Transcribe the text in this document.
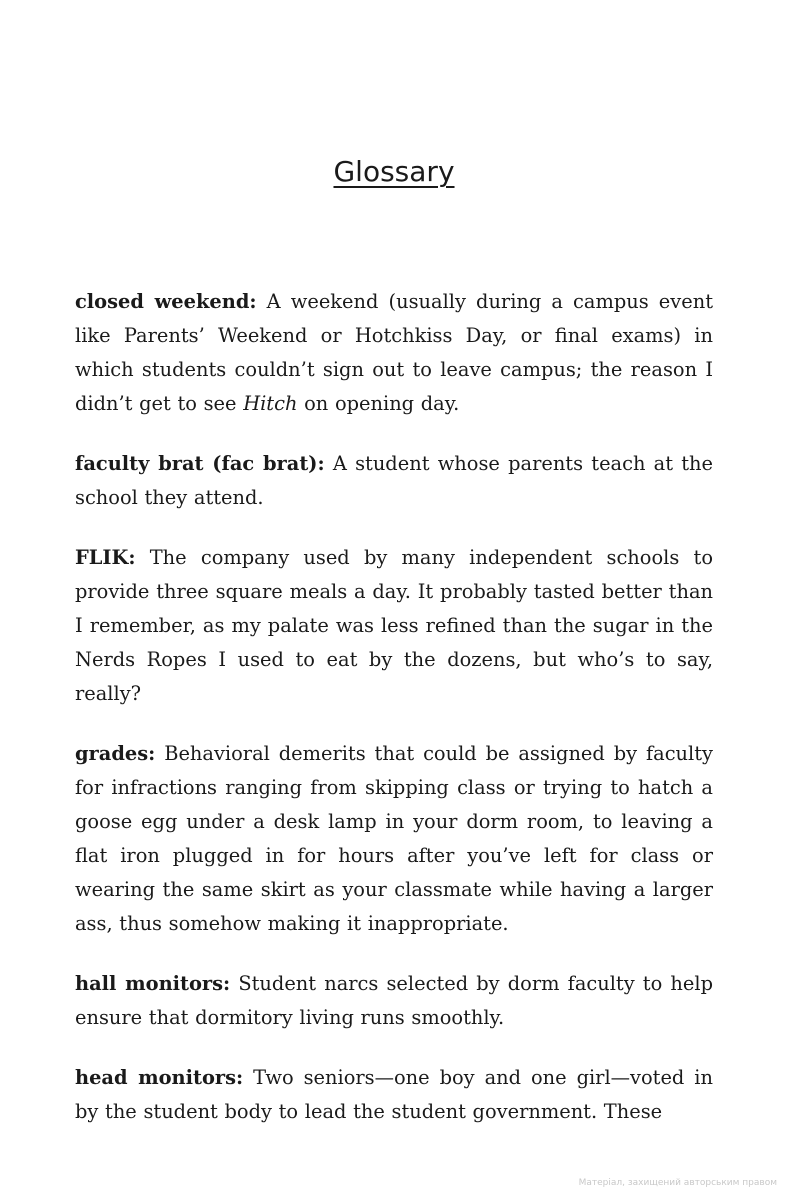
Glossary

closed weekend: A weekend (usually during a campus event like Parents’ Weekend or Hotchkiss Day, or final exams) in which students couldn’t sign out to leave campus; the reason I didn’t get to see Hitch on opening day.

faculty brat (fac brat): A student whose parents teach at the school they attend.

FLIK: The company used by many independent schools to provide three square meals a day. It probably tasted better than I remember, as my palate was less refined than the sugar in the Nerds Ropes I used to eat by the dozens, but who’s to say, really?

grades: Behavioral demerits that could be assigned by faculty for infractions ranging from skipping class or trying to hatch a goose egg under a desk lamp in your dorm room, to leaving a flat iron plugged in for hours after you’ve left for class or wearing the same skirt as your classmate while having a larger ass, thus somehow making it inappropriate.

hall monitors: Student narcs selected by dorm faculty to help ensure that dormitory living runs smoothly.

head monitors: Two seniors—one boy and one girl—voted in by the student body to lead the student government. These

Матеріал, захищений авторським правом
